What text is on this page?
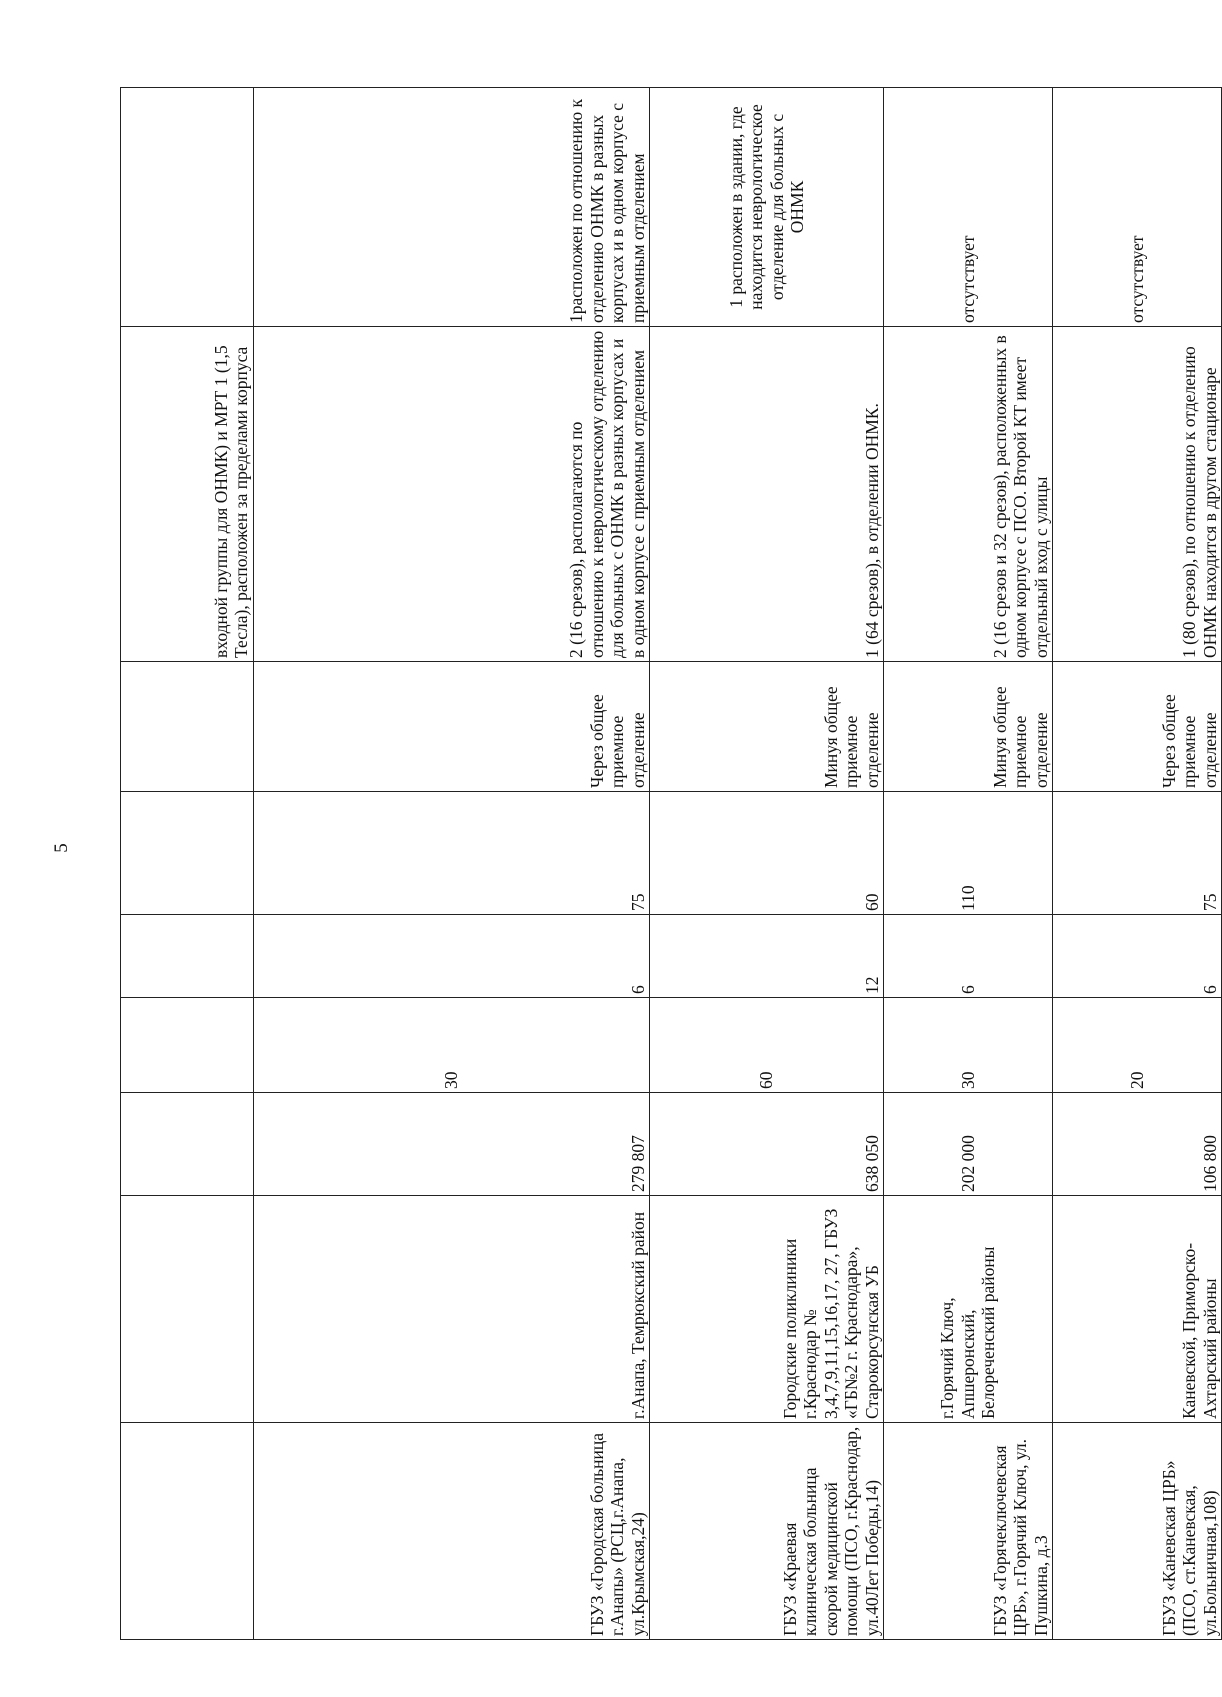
5
							входной группы для ОНМК) и МРТ 1 (1,5 Тесла), расположен за пределами корпуса	
ГБУЗ «Городская больница г.Анапы» (РСЦ,г.Анапа, ул.Крымская,24)	г.Анапа, Темрюкский район	279 807	30	6	75	Через общее приемное отделение	2 (16 срезов), располагаются по отношению к неврологическому отделению для больных с ОНМК в разных корпусах и в одном корпусе с приемным отделением	1расположен по отношению к отделению ОНМК в разных корпусах и в одном корпусе с приемным отделением
ГБУЗ «Краевая клиническая больница скорой медицинской помощи (ПСО, г.Краснодар, ул.40Лет Победы,14)	Городские поликлиники г.Краснодар № 3,4,7,9,11,15,16,17, 27, ГБУЗ «ГБ№2 г. Краснодара», Старокорсунская УБ	638 050	60	12	60	Минуя общее приемное отделение	1 (64 срезов), в отделении ОНМК.	1 расположен в здании, где находится неврологическое отделение для больных с ОНМК
ГБУЗ «Горячеключевская ЦРБ», г.Горячий Ключ, ул. Пушкина, д.3	г.Горячий Ключ, Апшеронский, Белореченский районы	202 000	30	6	110	Минуя общее приемное отделение	2 (16 срезов и 32 срезов), расположенных в одном корпусе с ПСО. Второй КТ имеет отдельный вход с улицы	отсутствует
ГБУЗ «Каневская ЦРБ» (ПСО, ст.Каневская, ул.Больничная,108)	Каневской, Приморско-Ахтарский районы	106 800	20	6	75	Через общее приемное отделение	1 (80 срезов), по отношению к отделению ОНМК находится в другом стационаре	отсутствует
